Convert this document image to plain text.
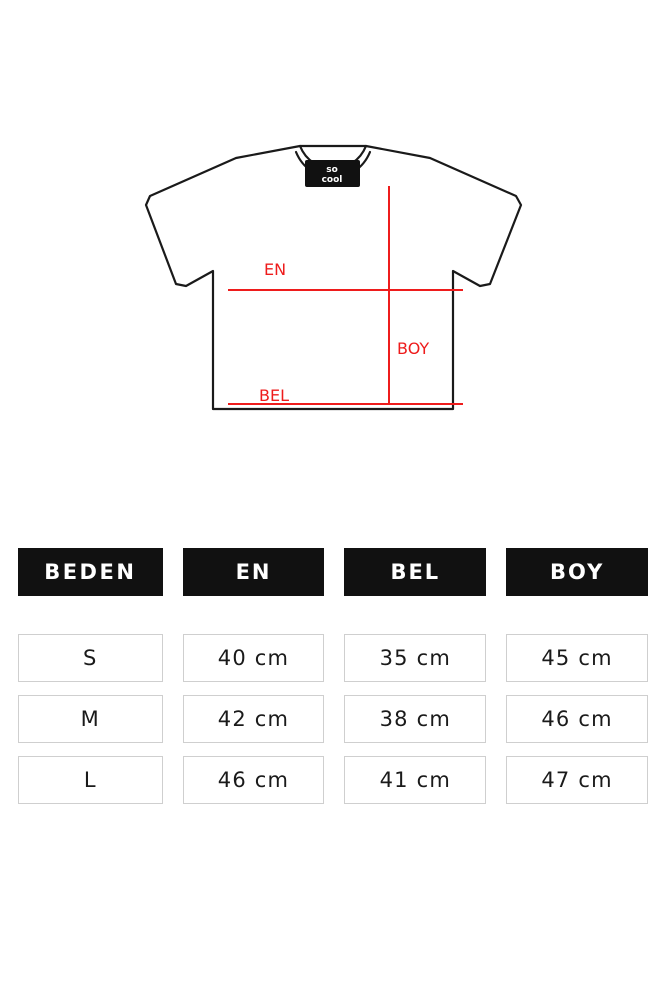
so
cool
EN
BEL
BOY
BEDEN	EN	BEL	BOY
S	40 cm	35 cm	45 cm
M	42 cm	38 cm	46 cm
L	46 cm	41 cm	47 cm
